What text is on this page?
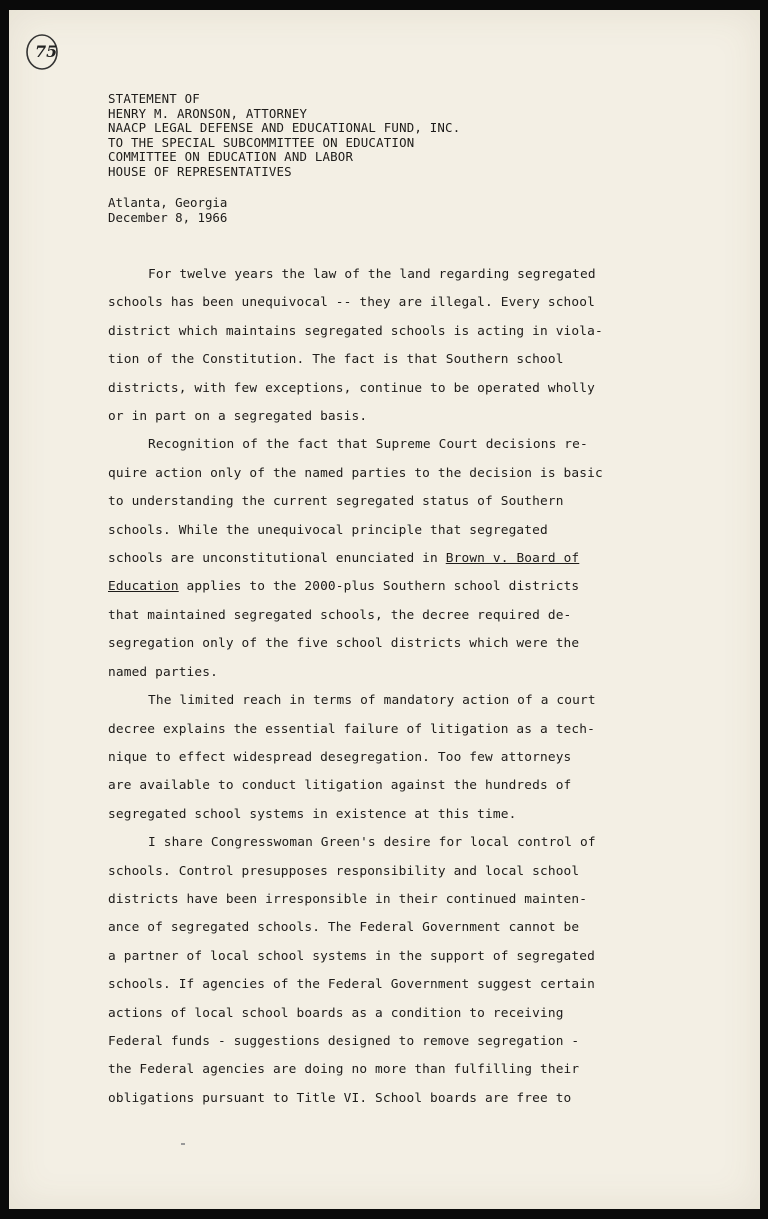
75
STATEMENT OF
HENRY M. ARONSON, ATTORNEY
NAACP LEGAL DEFENSE AND EDUCATIONAL FUND, INC.
TO THE SPECIAL SUBCOMMITTEE ON EDUCATION
COMMITTEE ON EDUCATION AND LABOR
HOUSE OF REPRESENTATIVES
Atlanta, Georgia
December 8, 1966

For twelve years the law of the land regarding segregated
schools has been unequivocal -- they are illegal. Every school
district which maintains segregated schools is acting in viola-
tion of the Constitution. The fact is that Southern school
districts, with few exceptions, continue to be operated wholly
or in part on a segregated basis.

Recognition of the fact that Supreme Court decisions re-
quire action only of the named parties to the decision is basic
to understanding the current segregated status of Southern
schools. While the unequivocal principle that segregated
schools are unconstitutional enunciated in Brown v. Board of
Education applies to the 2000-plus Southern school districts
that maintained segregated schools, the decree required de-
segregation only of the five school districts which were the
named parties.

The limited reach in terms of mandatory action of a court
decree explains the essential failure of litigation as a tech-
nique to effect widespread desegregation. Too few attorneys
are available to conduct litigation against the hundreds of
segregated school systems in existence at this time.

I share Congresswoman Green's desire for local control of
schools. Control presupposes responsibility and local school
districts have been irresponsible in their continued mainten-
ance of segregated schools. The Federal Government cannot be
a partner of local school systems in the support of segregated
schools. If agencies of the Federal Government suggest certain
actions of local school boards as a condition to receiving
Federal funds - suggestions designed to remove segregation -
the Federal agencies are doing no more than fulfilling their
obligations pursuant to Title VI. School boards are free to
